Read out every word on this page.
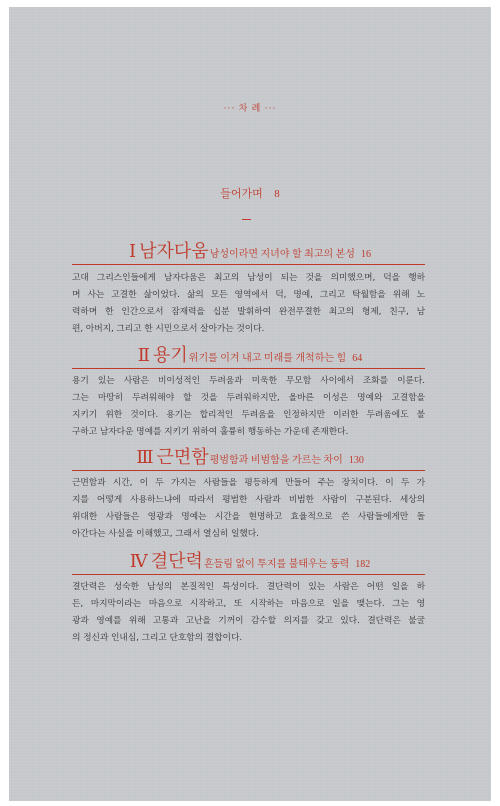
··· 차 례 ···
들어가며 8
Ⅰ 남자다움남성이라면 지녀야 할 최고의 본성 16
고대 그리스인들에게 남자다움은 최고의 남성이 되는 것을 의미했으며, 덕을 행하
며 사는 고결한 삶이었다. 삶의 모든 영역에서 덕, 명예, 그리고 탁월함을 위해 노
력하며 한 인간으로서 잠재력을 십분 발휘하여 완전무결한 최고의 형제, 친구, 남
편, 아버지, 그리고 한 시민으로서 살아가는 것이다.
Ⅱ 용기위기를 이겨 내고 미래를 개척하는 힘 64
용기 있는 사람은 비이성적인 두려움과 미욱한 무모함 사이에서 조화를 이룬다.
그는 마땅히 두려워해야 할 것을 두려워하지만, 올바른 이성은 명예와 고결함을
지키기 위한 것이다. 용기는 합리적인 두려움을 인정하지만 이러한 두려움에도 불
구하고 남자다운 명예를 지키기 위하여 훌륭히 행동하는 가운데 존재한다.
Ⅲ 근면함평범함과 비범함을 가르는 차이 130
근면함과 시간, 이 두 가지는 사람들을 평등하게 만들어 주는 장치이다. 이 두 가
지를 어떻게 사용하느냐에 따라서 평범한 사람과 비범한 사람이 구분된다. 세상의
위대한 사람들은 영광과 명예는 시간을 현명하고 효율적으로 쓴 사람들에게만 돌
아간다는 사실을 이해했고, 그래서 열심히 일했다.
Ⅳ 결단력흔들림 없이 투지를 불태우는 동력 182
결단력은 성숙한 남성의 본질적인 특성이다. 결단력이 있는 사람은 어떤 일을 하
든, 마지막이라는 마음으로 시작하고, 또 시작하는 마음으로 일을 맺는다. 그는 영
광과 영예를 위해 고통과 고난을 기꺼이 감수할 의지를 갖고 있다. 결단력은 불굴
의 정신과 인내심, 그리고 단호함의 결합이다.
